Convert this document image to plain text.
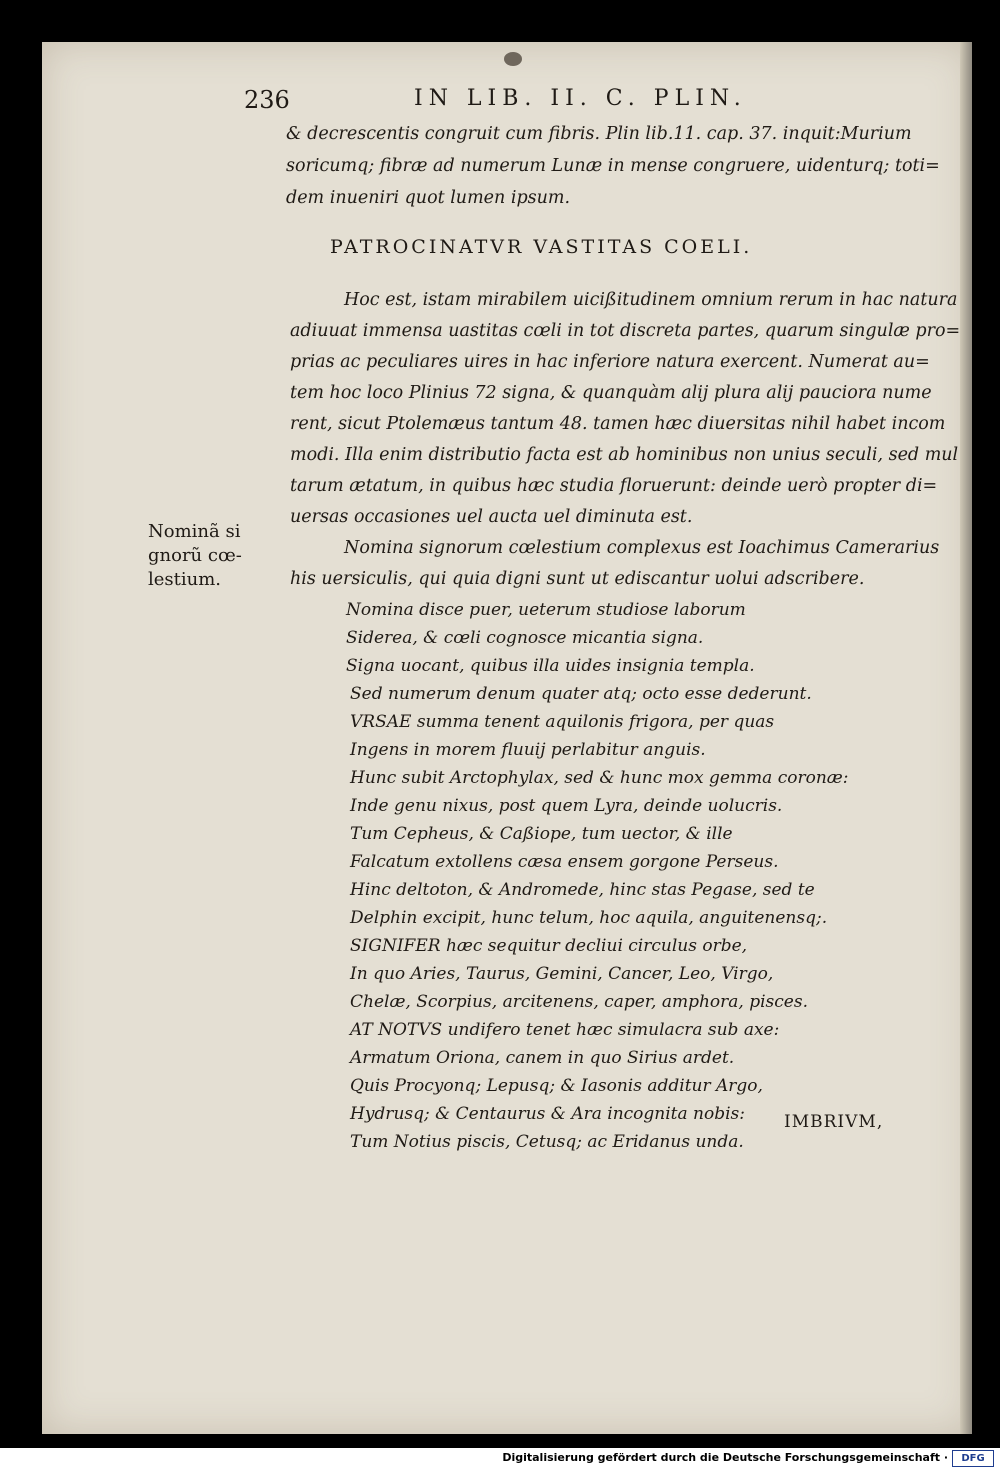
236	IN LIB. II. C. PLIN.
& decrescentis congruit cum fibris. Plin lib.11. cap. 37. inquit:Murium
soricumq; fibræ ad numerum Lunæ in mense congruere, uidenturq; toti=
dem inueniri quot lumen ipsum.
PATROCINATVR VASTITAS COELI.
Hoc est, istam mirabilem uicißitudinem omnium rerum in hac natura
adiuuat immensa uastitas cœli in tot discreta partes, quarum singulæ pro=
prias ac peculiares uires in hac inferiore natura exercent. Numerat au=
tem hoc loco Plinius 72 signa, & quanquàm alij plura alij pauciora nume
rent, sicut Ptolemæus tantum 48. tamen hæc diuersitas nihil habet incom
modi. Illa enim distributio facta est ab hominibus non unius seculi, sed mul
tarum ætatum, in quibus hæc studia floruerunt: deinde uerò propter di=
uersas occasiones uel aucta uel diminuta est.
Nomina signorum cœlestium complexus est Ioachimus Camerarius
his uersiculis, qui quia digni sunt ut ediscantur uolui adscribere.
Nominã si
gnorũ cœ-
lestium.
Nomina disce puer, ueterum studiose laborum
Siderea, & cœli cognosce micantia signa.
Signa uocant, quibus illa uides insignia templa.
Sed numerum denum quater atq; octo esse dederunt.
VRSAE summa tenent aquilonis frigora, per quas
Ingens in morem fluuij perlabitur anguis.
Hunc subit Arctophylax, sed & hunc mox gemma coronæ:
Inde genu nixus, post quem Lyra, deinde uolucris.
Tum Cepheus, & Caßiope, tum uector, & ille
Falcatum extollens cæsa ensem gorgone Perseus.
Hinc deltoton, & Andromede, hinc stas Pegase, sed te
Delphin excipit, hunc telum, hoc aquila, anguitenensq;.
SIGNIFER hæc sequitur decliui circulus orbe,
In quo Aries, Taurus, Gemini, Cancer, Leo, Virgo,
Chelæ, Scorpius, arcitenens, caper, amphora, pisces.
AT NOTVS undifero tenet hæc simulacra sub axe:
Armatum Oriona, canem in quo Sirius ardet.
Quis Procyonq; Lepusq; & Iasonis additur Argo,
Hydrusq; & Centaurus & Ara incognita nobis:
Tum Notius piscis, Cetusq; ac Eridanus unda.
IMBRIVM,
Digitalisierung gefördert durch die Deutsche Forschungsgemeinschaft ·	DFG
